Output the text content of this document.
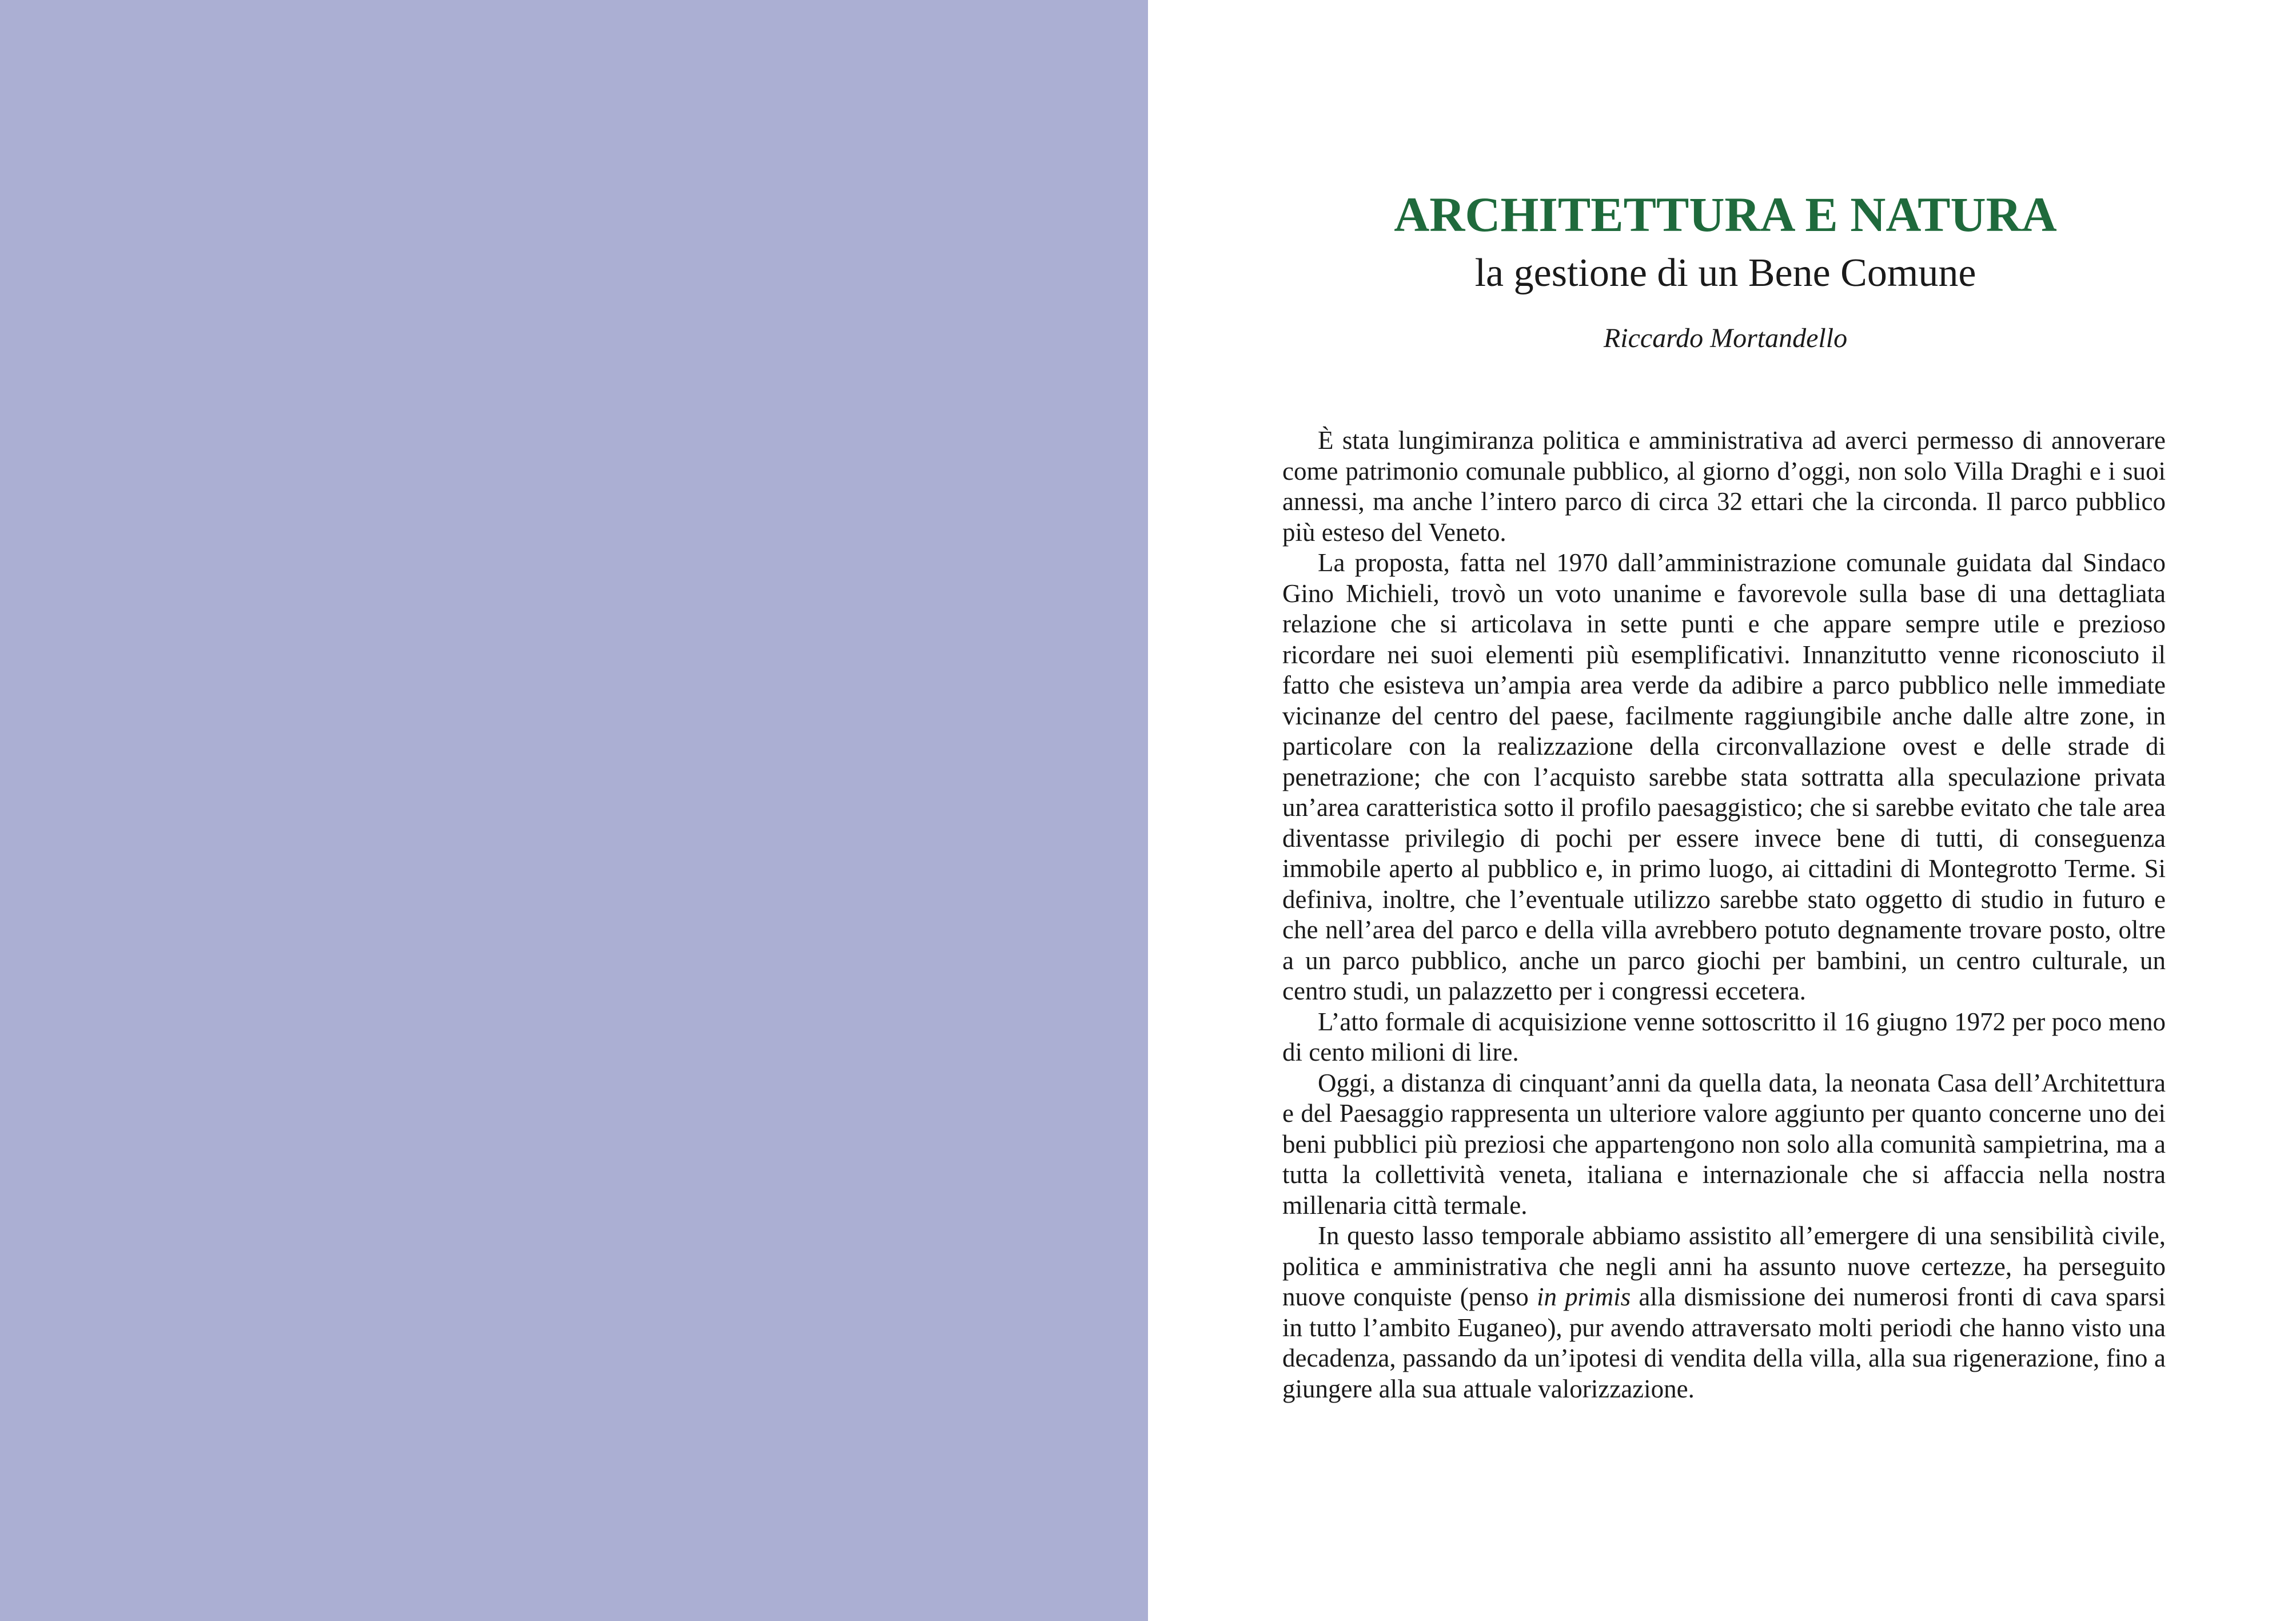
ARCHITETTURA E NATURA
la gestione di un Bene Comune

Riccardo Mortandello

È stata lungimiranza politica e amministrativa ad averci permesso di annoverare come patrimonio comunale pubblico, al giorno d’oggi, non solo Villa Draghi e i suoi annessi, ma anche l’intero parco di circa 32 ettari che la circonda. Il parco pubblico più esteso del Veneto.

La proposta, fatta nel 1970 dall’amministrazione comunale guidata dal Sindaco Gino Michieli, trovò un voto unanime e favorevole sulla base di una dettagliata relazione che si articolava in sette punti e che appare sempre utile e prezioso ricordare nei suoi elementi più esemplificativi. Innanzitutto venne riconosciuto il fatto che esisteva un’ampia area verde da adibire a parco pubblico nelle immediate vicinanze del centro del paese, facilmente raggiungibile anche dalle altre zone, in particolare con la realizzazione della circonvallazione ovest e delle strade di penetrazione; che con l’acquisto sarebbe stata sottratta alla speculazione privata un’area caratteristica sotto il profilo paesaggistico; che si sarebbe evitato che tale area diventasse privilegio di pochi per essere invece bene di tutti, di conseguenza immobile aperto al pubblico e, in primo luogo, ai cittadini di Montegrotto Terme. Si definiva, inoltre, che l’eventuale utilizzo sarebbe stato oggetto di studio in futuro e che nell’area del parco e della villa avrebbero potuto degnamente trovare posto, oltre a un parco pubblico, anche un parco giochi per bambini, un centro culturale, un centro studi, un palazzetto per i congressi eccetera.

L’atto formale di acquisizione venne sottoscritto il 16 giugno 1972 per poco meno di cento milioni di lire.

Oggi, a distanza di cinquant’anni da quella data, la neonata Casa dell’Architettura e del Paesaggio rappresenta un ulteriore valore aggiunto per quanto concerne uno dei beni pubblici più preziosi che appartengono non solo alla comunità sampietrina, ma a tutta la collettività veneta, italiana e internazionale che si affaccia nella nostra millenaria città termale.

In questo lasso temporale abbiamo assistito all’emergere di una sensibilità civile, politica e amministrativa che negli anni ha assunto nuove certezze, ha perseguito nuove conquiste (penso in primis alla dismissione dei numerosi fronti di cava sparsi in tutto l’ambito Euganeo), pur avendo attraversato molti periodi che hanno visto una decadenza, passando da un’ipotesi di vendita della villa, alla sua rigenerazione, fino a giungere alla sua attuale valorizzazione.
